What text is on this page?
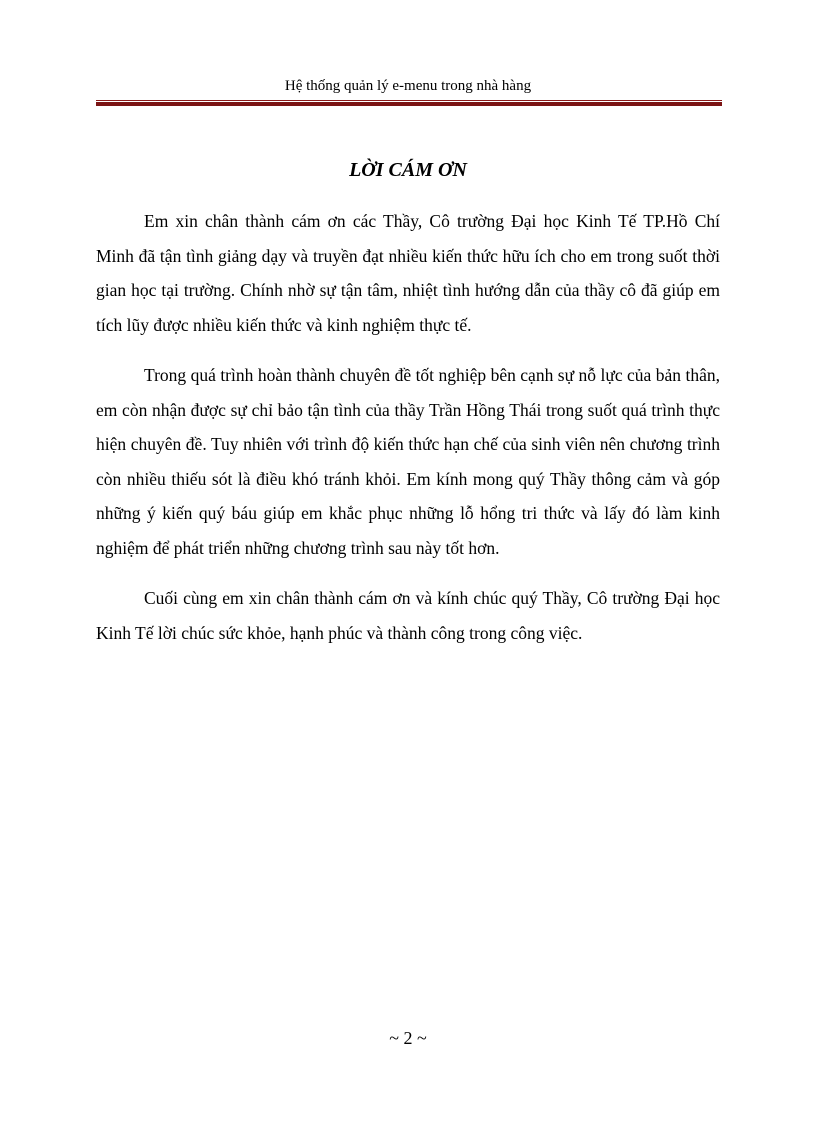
Hệ thống quản lý e-menu trong nhà hàng
LỜI CÁM ƠN

Em xin chân thành cám ơn các Thầy, Cô trường Đại học Kinh Tế TP.Hồ Chí Minh đã tận tình giảng dạy và truyền đạt nhiều kiến thức hữu ích cho em trong suốt thời gian học tại trường. Chính nhờ sự tận tâm, nhiệt tình hướng dẫn của thầy cô đã giúp em tích lũy được nhiều kiến thức và kinh nghiệm thực tế.

Trong quá trình hoàn thành chuyên đề tốt nghiệp bên cạnh sự nỗ lực của bản thân, em còn nhận được sự chỉ bảo tận tình của thầy Trần Hồng Thái trong suốt quá trình thực hiện chuyên đề. Tuy nhiên với trình độ kiến thức hạn chế của sinh viên nên chương trình còn nhiều thiếu sót là điều khó tránh khỏi. Em kính mong quý Thầy thông cảm và góp những ý kiến quý báu giúp em khắc phục những lỗ hổng tri thức và lấy đó làm kinh nghiệm để phát triển những chương trình sau này tốt hơn.

Cuối cùng em xin chân thành cám ơn và kính chúc quý Thầy, Cô trường Đại học Kinh Tế lời chúc sức khỏe, hạnh phúc và thành công trong công việc.

~ 2 ~
